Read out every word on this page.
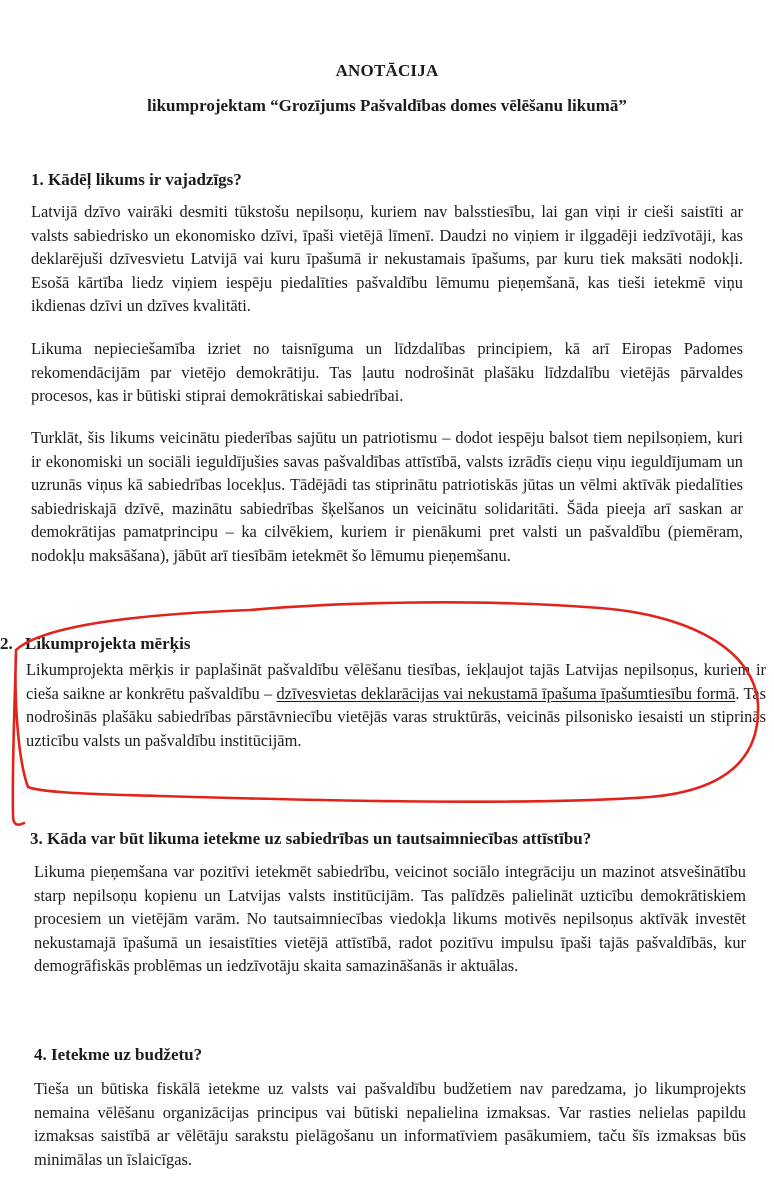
ANOTĀCIJA
likumprojektam “Grozījums Pašvaldības domes vēlēšanu likumā”
1. Kādēļ likums ir vajadzīgs?

Latvijā dzīvo vairāki desmiti tūkstošu nepilsoņu, kuriem nav balsstiesību, lai gan viņi ir cieši saistīti ar valsts sabiedrisko un ekonomisko dzīvi, īpaši vietējā līmenī. Daudzi no viņiem ir ilggadēji iedzīvotāji, kas deklarējuši dzīvesvietu Latvijā vai kuru īpašumā ir nekustamais īpašums, par kuru tiek maksāti nodokļi. Esošā kārtība liedz viņiem iespēju piedalīties pašvaldību lēmumu pieņemšanā, kas tieši ietekmē viņu ikdienas dzīvi un dzīves kvalitāti.

Likuma nepieciešamība izriet no taisnīguma un līdzdalības principiem, kā arī Eiropas Padomes rekomendācijām par vietējo demokrātiju. Tas ļautu nodrošināt plašāku līdzdalību vietējās pārvaldes procesos, kas ir būtiski stiprai demokrātiskai sabiedrībai.

Turklāt, šis likums veicinātu piederības sajūtu un patriotismu – dodot iespēju balsot tiem nepilsoņiem, kuri ir ekonomiski un sociāli ieguldījušies savas pašvaldības attīstībā, valsts izrādīs cieņu viņu ieguldījumam un uzrunās viņus kā sabiedrības locekļus. Tādējādi tas stiprinātu patriotiskās jūtas un vēlmi aktīvāk piedalīties sabiedriskajā dzīvē, mazinātu sabiedrības šķelšanos un veicinātu solidaritāti. Šāda pieeja arī saskan ar demokrātijas pamatprincipu – ka cilvēkiem, kuriem ir pienākumi pret valsti un pašvaldību (piemēram, nodokļu maksāšana), jābūt arī tiesībām ietekmēt šo lēmumu pieņemšanu.

2. Likumprojekta mērķis

Likumprojekta mērķis ir paplašināt pašvaldību vēlēšanu tiesības, iekļaujot tajās Latvijas nepilsoņus, kuriem ir cieša saikne ar konkrētu pašvaldību – dzīvesvietas deklarācijas vai nekustamā īpašuma īpašumtiesību formā. Tas nodrošinās plašāku sabiedrības pārstāvniecību vietējās varas struktūrās, veicinās pilsonisko iesaisti un stiprinās uzticību valsts un pašvaldību institūcijām.

3. Kāda var būt likuma ietekme uz sabiedrības un tautsaimniecības attīstību?

Likuma pieņemšana var pozitīvi ietekmēt sabiedrību, veicinot sociālo integrāciju un mazinot atsvešinātību starp nepilsoņu kopienu un Latvijas valsts institūcijām. Tas palīdzēs palielināt uzticību demokrātiskiem procesiem un vietējām varām. No tautsaimniecības viedokļa likums motivēs nepilsoņus aktīvāk investēt nekustamajā īpašumā un iesaistīties vietējā attīstībā, radot pozitīvu impulsu īpaši tajās pašvaldībās, kur demogrāfiskās problēmas un iedzīvotāju skaita samazināšanās ir aktuālas.

4. Ietekme uz budžetu?

Tieša un būtiska fiskālā ietekme uz valsts vai pašvaldību budžetiem nav paredzama, jo likumprojekts nemaina vēlēšanu organizācijas principus vai būtiski nepalielina izmaksas. Var rasties nelielas papildu izmaksas saistībā ar vēlētāju sarakstu pielāgošanu un informatīviem pasākumiem, taču šīs izmaksas būs minimālas un īslaicīgas.
